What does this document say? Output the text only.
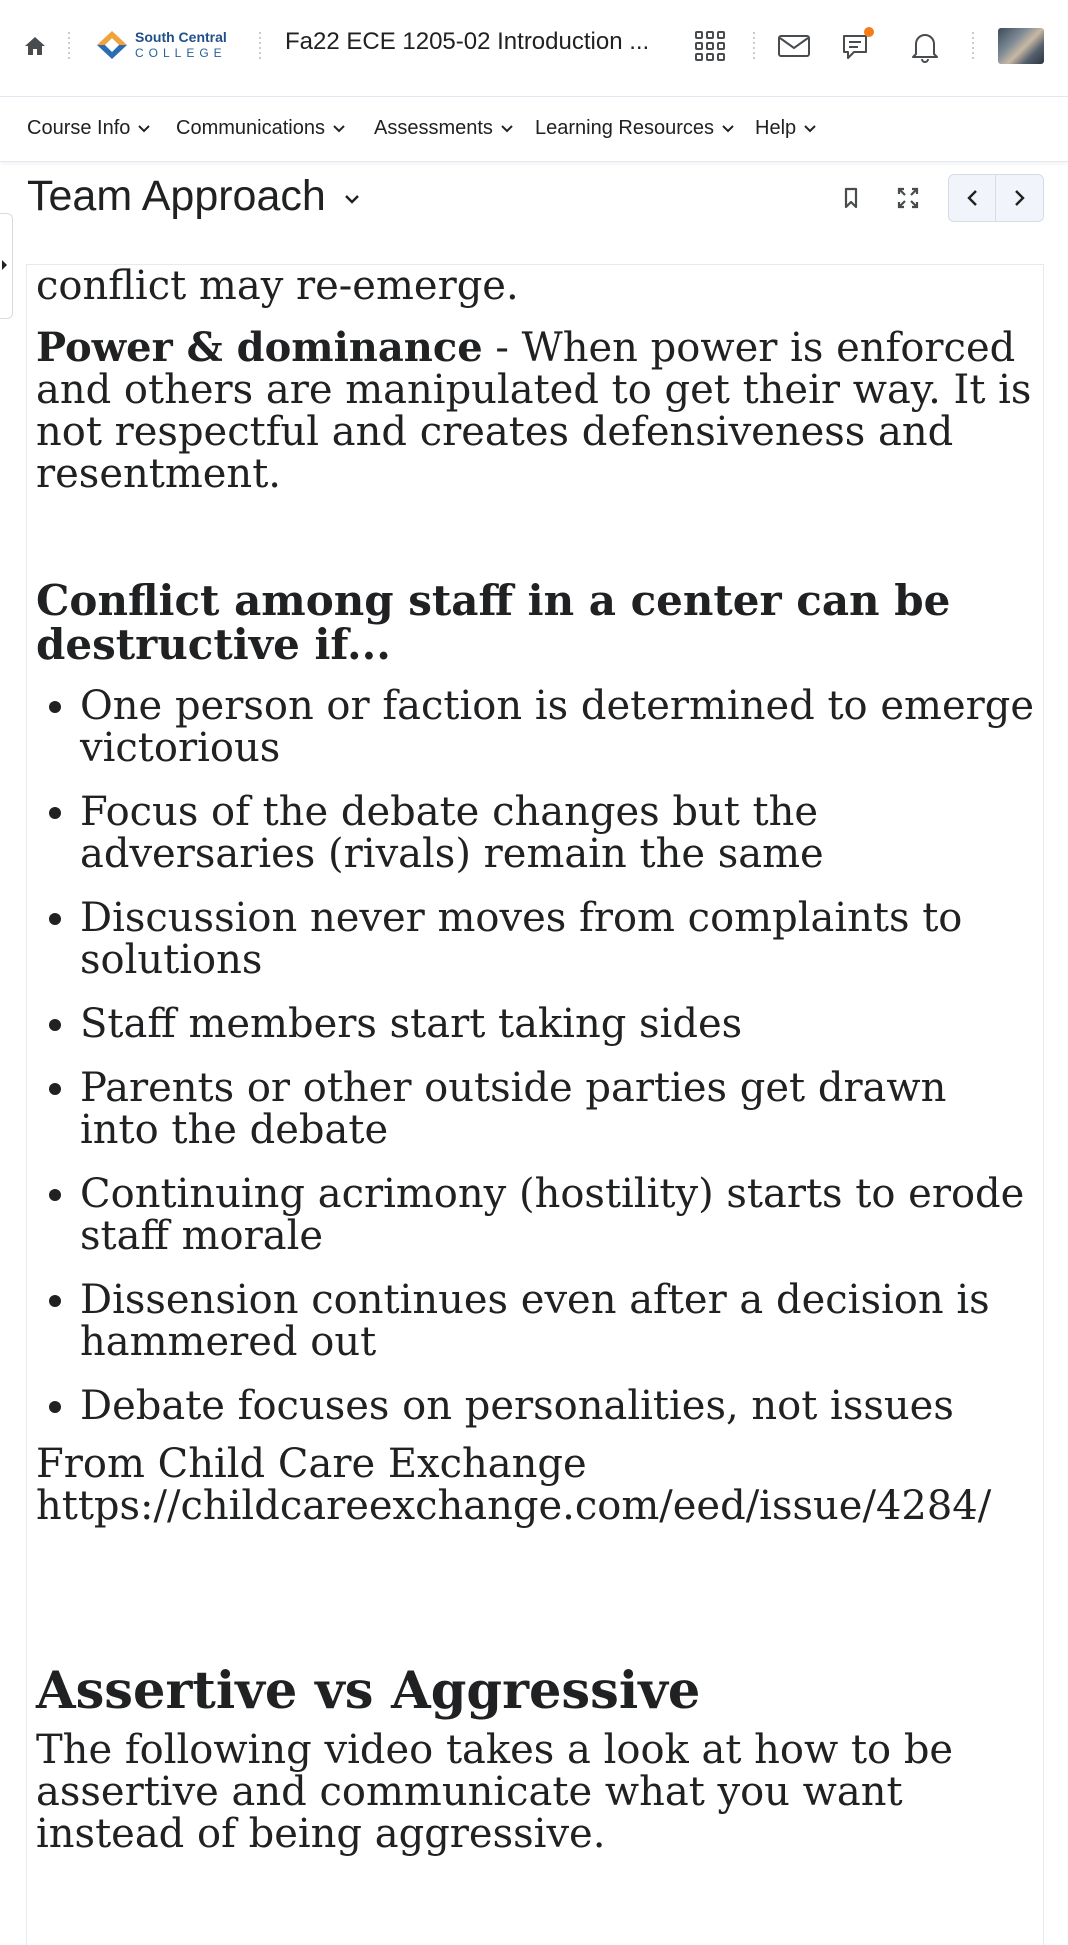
South Central
COLLEGE Fa22 ECE 1205-02 Introduction ...
Course Info	Communications	Assessments	Learning Resources	Help
Team Approach

conflict may re-emerge.

Power & dominance - When power is enforced and others are manipulated to get their way. It is not respectful and creates defensiveness and resentment.

Conflict among staff in a center can be destructive if...
• One person or faction is determined to emerge victorious
• Focus of the debate changes but the adversaries (rivals) remain the same
• Discussion never moves from complaints to solutions
• Staff members start taking sides
• Parents or other outside parties get drawn into the debate
• Continuing acrimony (hostility) starts to erode staff morale
• Dissension continues even after a decision is hammered out
• Debate focuses on personalities, not issues

From Child Care Exchange
https://childcareexchange.com/eed/issue/4284/

Assertive vs Aggressive

The following video takes a look at how to be assertive and communicate what you want instead of being aggressive.
